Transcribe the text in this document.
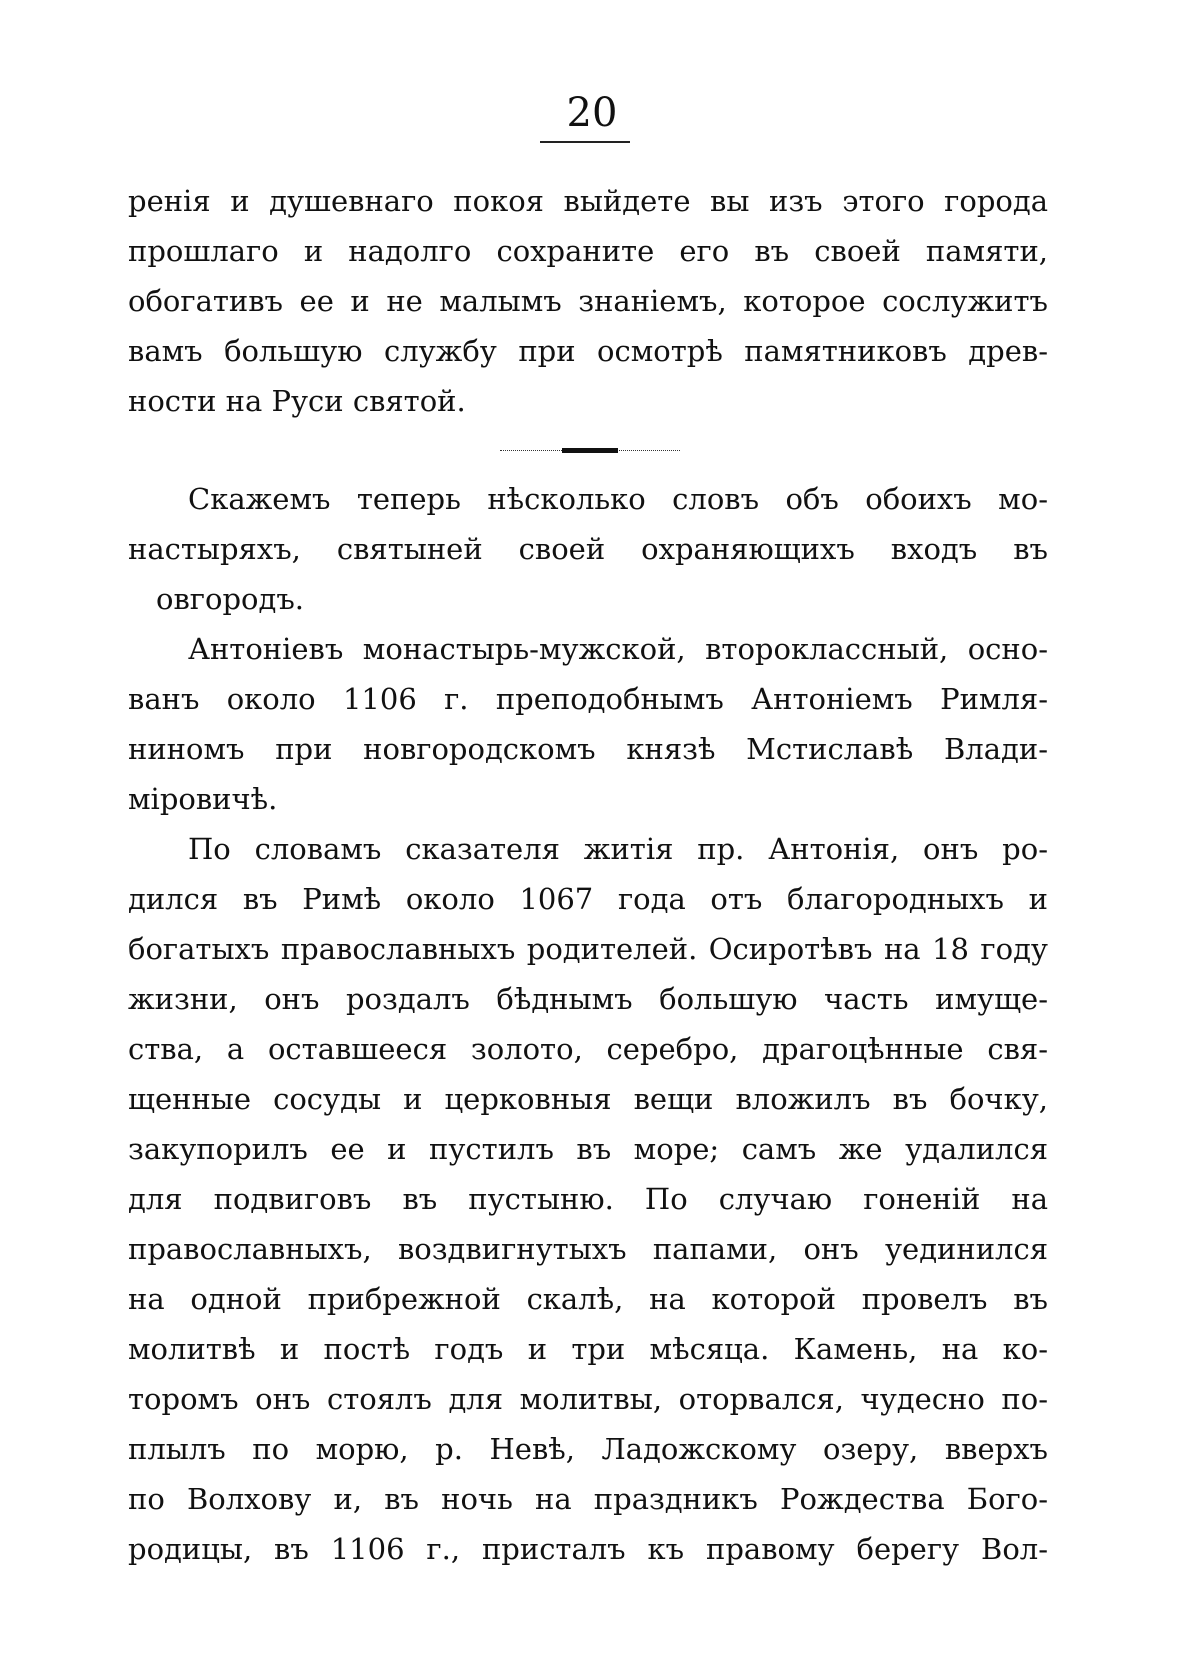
20
ренія и душевнаго покоя выйдете вы изъ этого города
прошлаго и надолго сохраните его въ своей памяти,
обогативъ ее и не малымъ знаніемъ, которое сослужитъ
вамъ большую службу при осмотрѣ памятниковъ древ-
ности на Руси святой.
Скажемъ теперь нѣсколько словъ объ обоихъ мо-
настыряхъ, святыней своей охраняющихъ входъ въ
овгородъ.
Антоніевъ монастырь-мужской, второклассный, осно-
ванъ около 1106 г. преподобнымъ Антоніемъ Римля-
ниномъ при новгородскомъ князѣ Мстиславѣ Влади-
міровичѣ.
По словамъ сказателя житія пр. Антонія, онъ ро-
дился въ Римѣ около 1067 года отъ благородныхъ и
богатыхъ православныхъ родителей. Осиротѣвъ на 18 году
жизни, онъ роздалъ бѣднымъ большую часть имуще-
ства, а оставшееся золото, серебро, драгоцѣнные свя-
щенные сосуды и церковныя вещи вложилъ въ бочку,
закупорилъ ее и пустилъ въ море; самъ же удалился
для подвиговъ въ пустыню. По случаю гоненій на
православныхъ, воздвигнутыхъ папами, онъ уединился
на одной прибрежной скалѣ, на которой провелъ въ
молитвѣ и постѣ годъ и три мѣсяца. Камень, на ко-
торомъ онъ стоялъ для молитвы, оторвался, чудесно по-
плылъ по морю, р. Невѣ, Ладожскому озеру, вверхъ
по Волхову и, въ ночь на праздникъ Рождества Бого-
родицы, въ 1106 г., присталъ къ правому берегу Вол-
